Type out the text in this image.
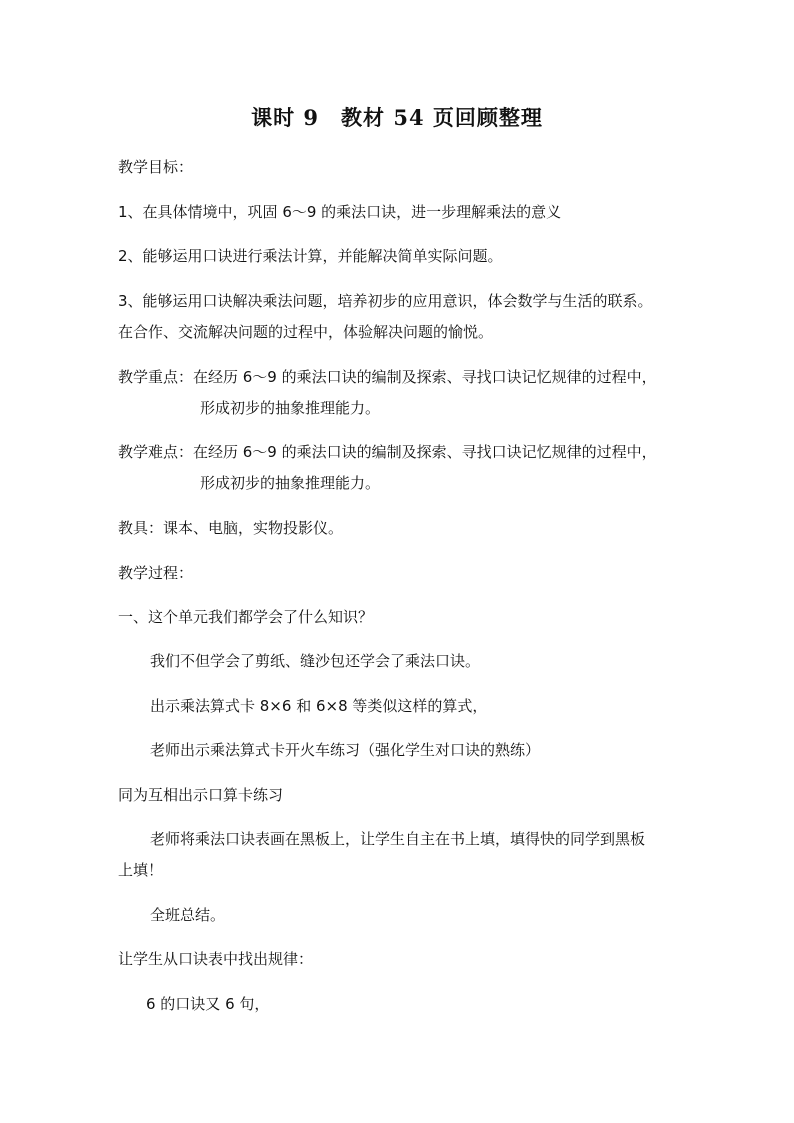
课时 9　教材 54 页回顾整理
教学目标：
1、在具体情境中，巩固 6～9 的乘法口诀，进一步理解乘法的意义
2、能够运用口诀进行乘法计算，并能解决简单实际问题。
3、能够运用口诀解决乘法问题，培养初步的应用意识，体会数学与生活的联系。
在合作、交流解决问题的过程中，体验解决问题的愉悦。
教学重点：在经历 6～9 的乘法口诀的编制及探索、寻找口诀记忆规律的过程中，
形成初步的抽象推理能力。
教学难点：在经历 6～9 的乘法口诀的编制及探索、寻找口诀记忆规律的过程中，
形成初步的抽象推理能力。
教具：课本、电脑，实物投影仪。
教学过程：
一、这个单元我们都学会了什么知识？
我们不但学会了剪纸、缝沙包还学会了乘法口诀。
出示乘法算式卡 8×6 和 6×8 等类似这样的算式，
老师出示乘法算式卡开火车练习（强化学生对口诀的熟练）
同为互相出示口算卡练习
老师将乘法口诀表画在黑板上，让学生自主在书上填，填得快的同学到黑板
上填！
全班总结。
让学生从口诀表中找出规律：
6 的口诀又 6 句，
